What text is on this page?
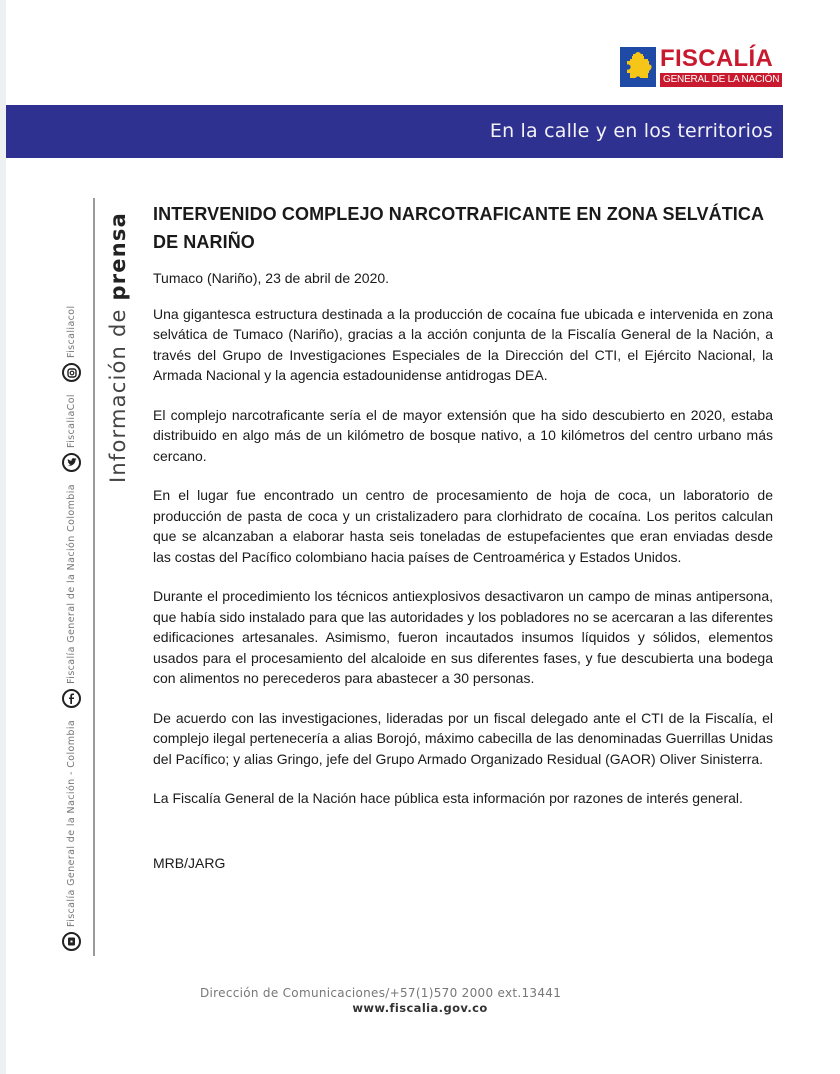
FISCALÍA
GENERAL DE LA NACIÓN
En la calle y en los territorios
Fiscalía General de la Nación - Colombia
Fiscalía General de la Nación Colombia
FiscaliaCol
Fiscaliacol Información de prensa INTERVENIDO COMPLEJO NARCOTRAFICANTE EN ZONA SELVÁTICA DE NARIÑO

Tumaco (Nariño), 23 de abril de 2020.

Una gigantesca estructura destinada a la producción de cocaína fue ubicada e intervenida en zona selvática de Tumaco (Nariño), gracias a la acción conjunta de la Fiscalía General de la Nación, a través del Grupo de Investigaciones Especiales de la Dirección del CTI, el Ejército Nacional, la Armada Nacional y la agencia estadounidense antidrogas DEA.

El complejo narcotraficante sería el de mayor extensión que ha sido descubierto en 2020, estaba distribuido en algo más de un kilómetro de bosque nativo, a 10 kilómetros del centro urbano más cercano.

En el lugar fue encontrado un centro de procesamiento de hoja de coca, un laboratorio de producción de pasta de coca y un cristalizadero para clorhidrato de cocaína. Los peritos calculan que se alcanzaban a elaborar hasta seis toneladas de estupefacientes que eran enviadas desde las costas del Pacífico colombiano hacia países de Centroamérica y Estados Unidos.

Durante el procedimiento los técnicos antiexplosivos desactivaron un campo de minas antipersona, que había sido instalado para que las autoridades y los pobladores no se acercaran a las diferentes edificaciones artesanales. Asimismo, fueron incautados insumos líquidos y sólidos, elementos usados para el procesamiento del alcaloide en sus diferentes fases, y fue descubierta una bodega con alimentos no perecederos para abastecer a 30 personas.

De acuerdo con las investigaciones, lideradas por un fiscal delegado ante el CTI de la Fiscalía, el complejo ilegal pertenecería a alias Borojó, máximo cabecilla de las denominadas Guerrillas Unidas del Pacífico; y alias Gringo, jefe del Grupo Armado Organizado Residual (GAOR) Oliver Sinisterra.

La Fiscalía General de la Nación hace pública esta información por razones de interés general.

MRB/JARG

Dirección de Comunicaciones/+57(1)570 2000 ext.13441
www.fiscalia.gov.co
